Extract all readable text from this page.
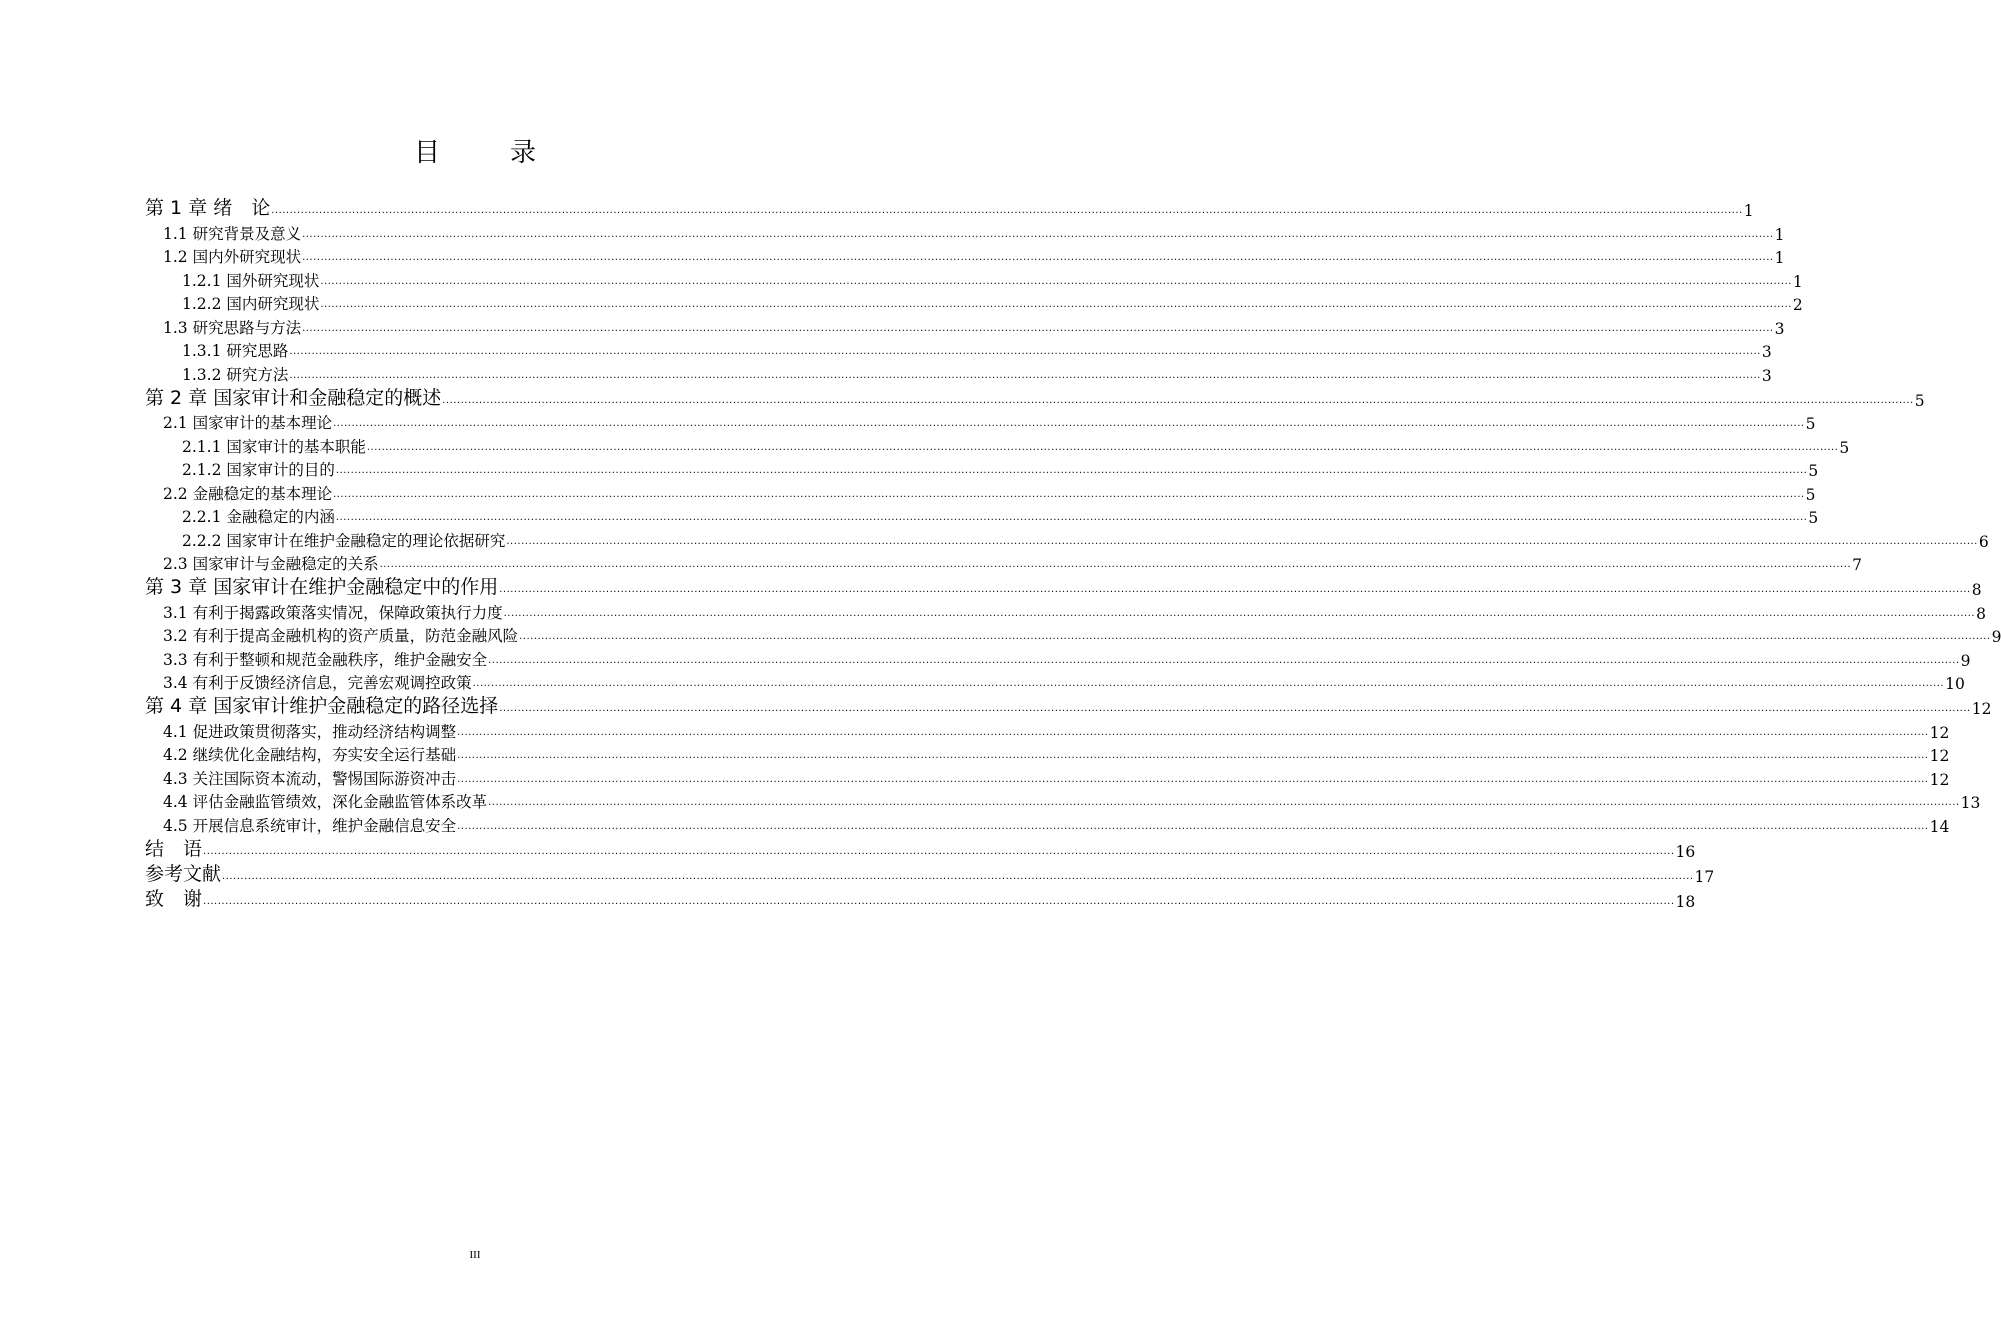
目　录
第 1 章 绪　论 ................................................................................................................................................................................................................................................................................................................................................................................................................ 1
1.1 研究背景及意义 ................................................................................................................................................................................................................................................................................................................................................................................................................ 1
1.2 国内外研究现状 ................................................................................................................................................................................................................................................................................................................................................................................................................ 1
1.2.1 国外研究现状 ................................................................................................................................................................................................................................................................................................................................................................................................................ 1
1.2.2 国内研究现状 ................................................................................................................................................................................................................................................................................................................................................................................................................ 2
1.3 研究思路与方法 ................................................................................................................................................................................................................................................................................................................................................................................................................ 3
1.3.1 研究思路 ................................................................................................................................................................................................................................................................................................................................................................................................................ 3
1.3.2 研究方法 ................................................................................................................................................................................................................................................................................................................................................................................................................ 3
第 2 章 国家审计和金融稳定的概述 ................................................................................................................................................................................................................................................................................................................................................................................................................ 5
2.1 国家审计的基本理论 ................................................................................................................................................................................................................................................................................................................................................................................................................ 5
2.1.1 国家审计的基本职能 ................................................................................................................................................................................................................................................................................................................................................................................................................ 5
2.1.2 国家审计的目的 ................................................................................................................................................................................................................................................................................................................................................................................................................ 5
2.2 金融稳定的基本理论 ................................................................................................................................................................................................................................................................................................................................................................................................................ 5
2.2.1 金融稳定的内涵 ................................................................................................................................................................................................................................................................................................................................................................................................................ 5
2.2.2 国家审计在维护金融稳定的理论依据研究 ................................................................................................................................................................................................................................................................................................................................................................................................................ 6
2.3 国家审计与金融稳定的关系 ................................................................................................................................................................................................................................................................................................................................................................................................................ 7
第 3 章 国家审计在维护金融稳定中的作用 ................................................................................................................................................................................................................................................................................................................................................................................................................ 8
3.1 有利于揭露政策落实情况，保障政策执行力度 ................................................................................................................................................................................................................................................................................................................................................................................................................ 8
3.2 有利于提高金融机构的资产质量，防范金融风险 ................................................................................................................................................................................................................................................................................................................................................................................................................ 9
3.3 有利于整顿和规范金融秩序，维护金融安全 ................................................................................................................................................................................................................................................................................................................................................................................................................ 9
3.4 有利于反馈经济信息，完善宏观调控政策 ................................................................................................................................................................................................................................................................................................................................................................................................................ 10
第 4 章 国家审计维护金融稳定的路径选择 ................................................................................................................................................................................................................................................................................................................................................................................................................ 12
4.1 促进政策贯彻落实，推动经济结构调整 ................................................................................................................................................................................................................................................................................................................................................................................................................ 12
4.2 继续优化金融结构，夯实安全运行基础 ................................................................................................................................................................................................................................................................................................................................................................................................................ 12
4.3 关注国际资本流动，警惕国际游资冲击 ................................................................................................................................................................................................................................................................................................................................................................................................................ 12
4.4 评估金融监管绩效，深化金融监管体系改革 ................................................................................................................................................................................................................................................................................................................................................................................................................ 13
4.5 开展信息系统审计，维护金融信息安全 ................................................................................................................................................................................................................................................................................................................................................................................................................ 14
结　语 ................................................................................................................................................................................................................................................................................................................................................................................................................ 16
参考文献 ................................................................................................................................................................................................................................................................................................................................................................................................................ 17
致　谢 ................................................................................................................................................................................................................................................................................................................................................................................................................ 18
III
